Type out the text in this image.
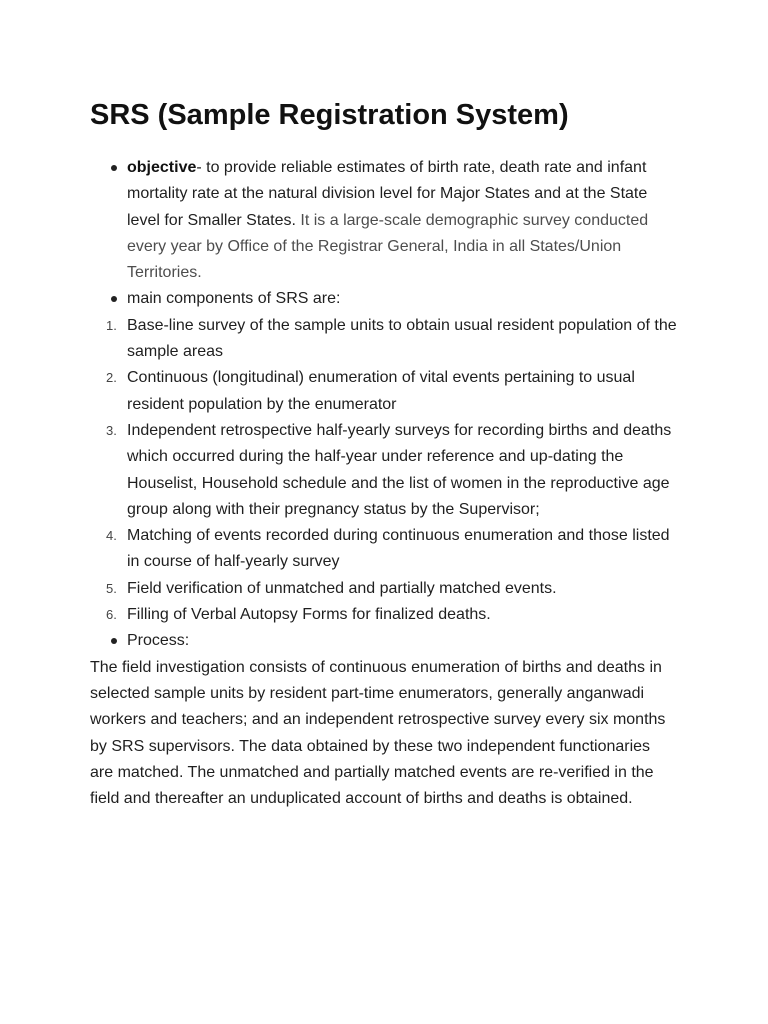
SRS (Sample Registration System)
objective- to provide reliable estimates of birth rate, death rate and infant mortality rate at the natural division level for Major States and at the State level for Smaller States. It is a large-scale demographic survey conducted every year by Office of the Registrar General, India in all States/Union Territories.
main components of SRS are:
1. Base-line survey of the sample units to obtain usual resident population of the sample areas
2. Continuous (longitudinal) enumeration of vital events pertaining to usual resident population by the enumerator
3. Independent retrospective half-yearly surveys for recording births and deaths which occurred during the half-year under reference and up-dating the Houselist, Household schedule and the list of women in the reproductive age group along with their pregnancy status by the Supervisor;
4. Matching of events recorded during continuous enumeration and those listed in course of half-yearly survey
5. Field verification of unmatched and partially matched events.
6. Filling of Verbal Autopsy Forms for finalized deaths.
Process:

The field investigation consists of continuous enumeration of births and deaths in selected sample units by resident part-time enumerators, generally anganwadi workers and teachers; and an independent retrospective survey every six months by SRS supervisors. The data obtained by these two independent functionaries are matched. The unmatched and partially matched events are re-verified in the field and thereafter an unduplicated account of births and deaths is obtained.
